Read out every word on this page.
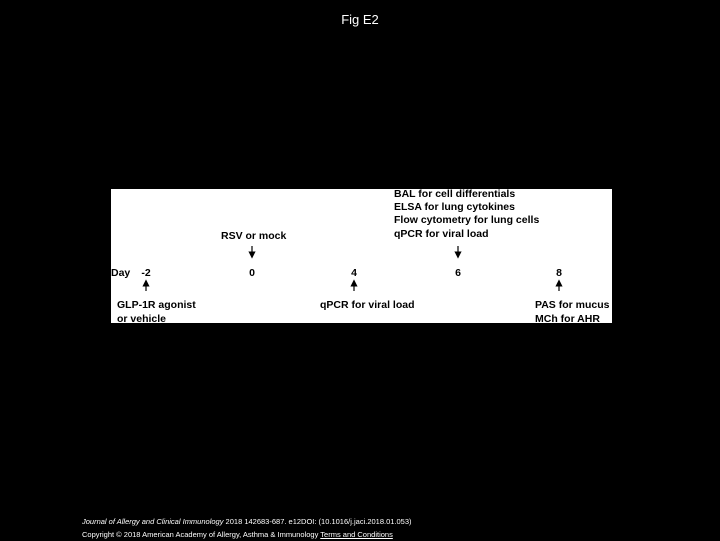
Fig E2
BAL for cell differentials
ELSA for lung cytokines
Flow cytometry for lung cells
qPCR for viral load
RSV or mock
Day -2	0	4	6	8
GLP-1R agonist
or vehicle
qPCR for viral load	PAS for mucus
MCh for AHR
Journal of Allergy and Clinical Immunology 2018 142683-687. e12DOI: (10.1016/j.jaci.2018.01.053)
Copyright © 2018 American Academy of Allergy, Asthma & Immunology Terms and Conditions
